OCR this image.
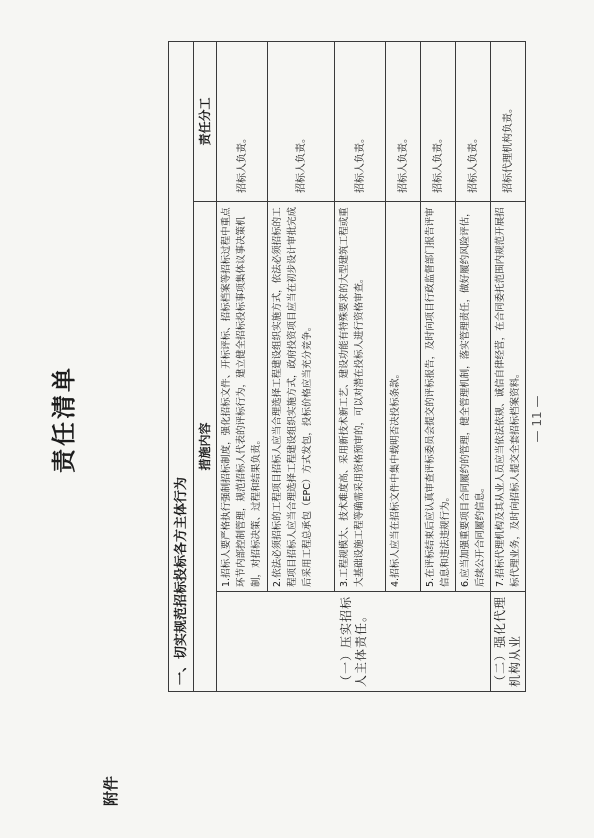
附件
责任清单
一、切实规范招标投标各方主体行为		
措施内容		责任分工
（一）压实招标人主体责任。	1.招标人要严格执行强制招标制度，强化招标文件、开标评标、招标档案等招标过程中重点环节内部控制管理，规范招标人代表的评标行为，建立健全招标投标事项集体议事决策机制，对招标决策、过程和结果负责。	招标人负责。
	2.依法必须招标的工程项目招标人应当合理选择工程建设组织实施方式，依法必须招标的工程项目招标人应当合理选择工程建设组织实施方式，政府投资项目应当在初步设计审批完成后采用工程总承包（EPC）方式发包，投标价格应当充分竞争。	招标人负责。
	3.工程规模大、技术难度高、采用新技术新工艺、建设功能有特殊要求的大型建筑工程或重大基础设施工程等确需采用资格预审的，可以对潜在投标人进行资格审查。	招标人负责。
	4.招标人应当在招标文件中集中载明否决投标条款。	招标人负责。
	5.在评标结束后应认真审查评标委员会提交的评标报告，及时向项目行政监督部门报告评审信息和违法违规行为。	招标人负责。
	6.应当加强重要项目合同履约的管理，健全管理机制，落实管理责任，做好履约风险评估，后续公开合同履约信息。	招标人负责。
（二）强化代理机构从业	7.招标代理机构及其从业人员应当依法依规、诚信自律经营，在合同委托范围内规范开展招标代理业务，及时向招标人提交全套招标档案资料。	招标代理机构负责。
— 11 —
